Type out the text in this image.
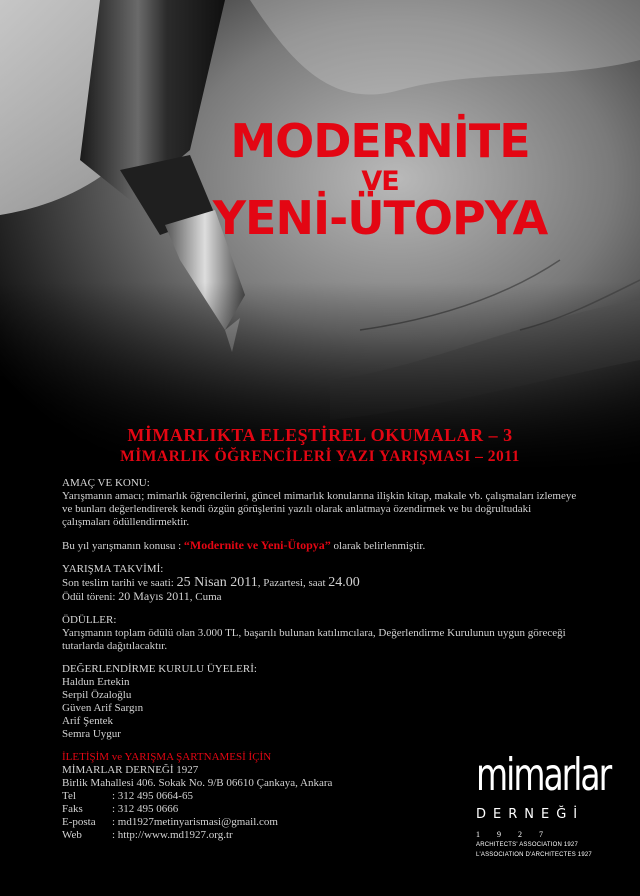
MODERNİTE
VE
YENİ-ÜTOPYA
MİMARLIKTA ELEŞTİREL OKUMALAR – 3
MİMARLIK ÖĞRENCİLERİ YAZI YARIŞMASI – 2011

AMAÇ VE KONU:

Yarışmanın amacı; mimarlık öğrencilerini, güncel mimarlık konularına ilişkin kitap, makale vb. çalışmaları izlemeye ve bunları değerlendirerek kendi özgün görüşlerini yazılı olarak anlatmaya özendirmek ve bu doğrultudaki çalışmaları ödüllendirmektir.

Bu yıl yarışmanın konusu : “Modernite ve Yeni-Ütopya” olarak belirlenmiştir.

YARIŞMA TAKVİMİ:

Son teslim tarihi ve saati: 25 Nisan 2011, Pazartesi, saat 24.00

Ödül töreni: 20 Mayıs 2011, Cuma

ÖDÜLLER:

Yarışmanın toplam ödülü olan 3.000 TL, başarılı bulunan katılımcılara, Değerlendirme Kurulunun uygun göreceği tutarlarda dağıtılacaktır.

DEĞERLENDİRME KURULU ÜYELERİ:

Haldun Ertekin

Serpil Özaloğlu

Güven Arif Sargın

Arif Şentek

Semra Uygur

İLETİŞİM ve YARIŞMA ŞARTNAMESİ İÇİN

MİMARLAR DERNEĞİ 1927

Birlik Mahallesi 406. Sokak No. 9/B 06610 Çankaya, Ankara

Tel	: 312 495 0664-65
Faks	: 312 495 0666
E-posta	: md1927metinyarismasi@gmail.com
Web	: http://www.md1927.org.tr
mimarlar
DERNEĞİ
1927
ARCHITECTS' ASSOCIATION 1927
L'ASSOCIATION D'ARCHITECTES 1927
